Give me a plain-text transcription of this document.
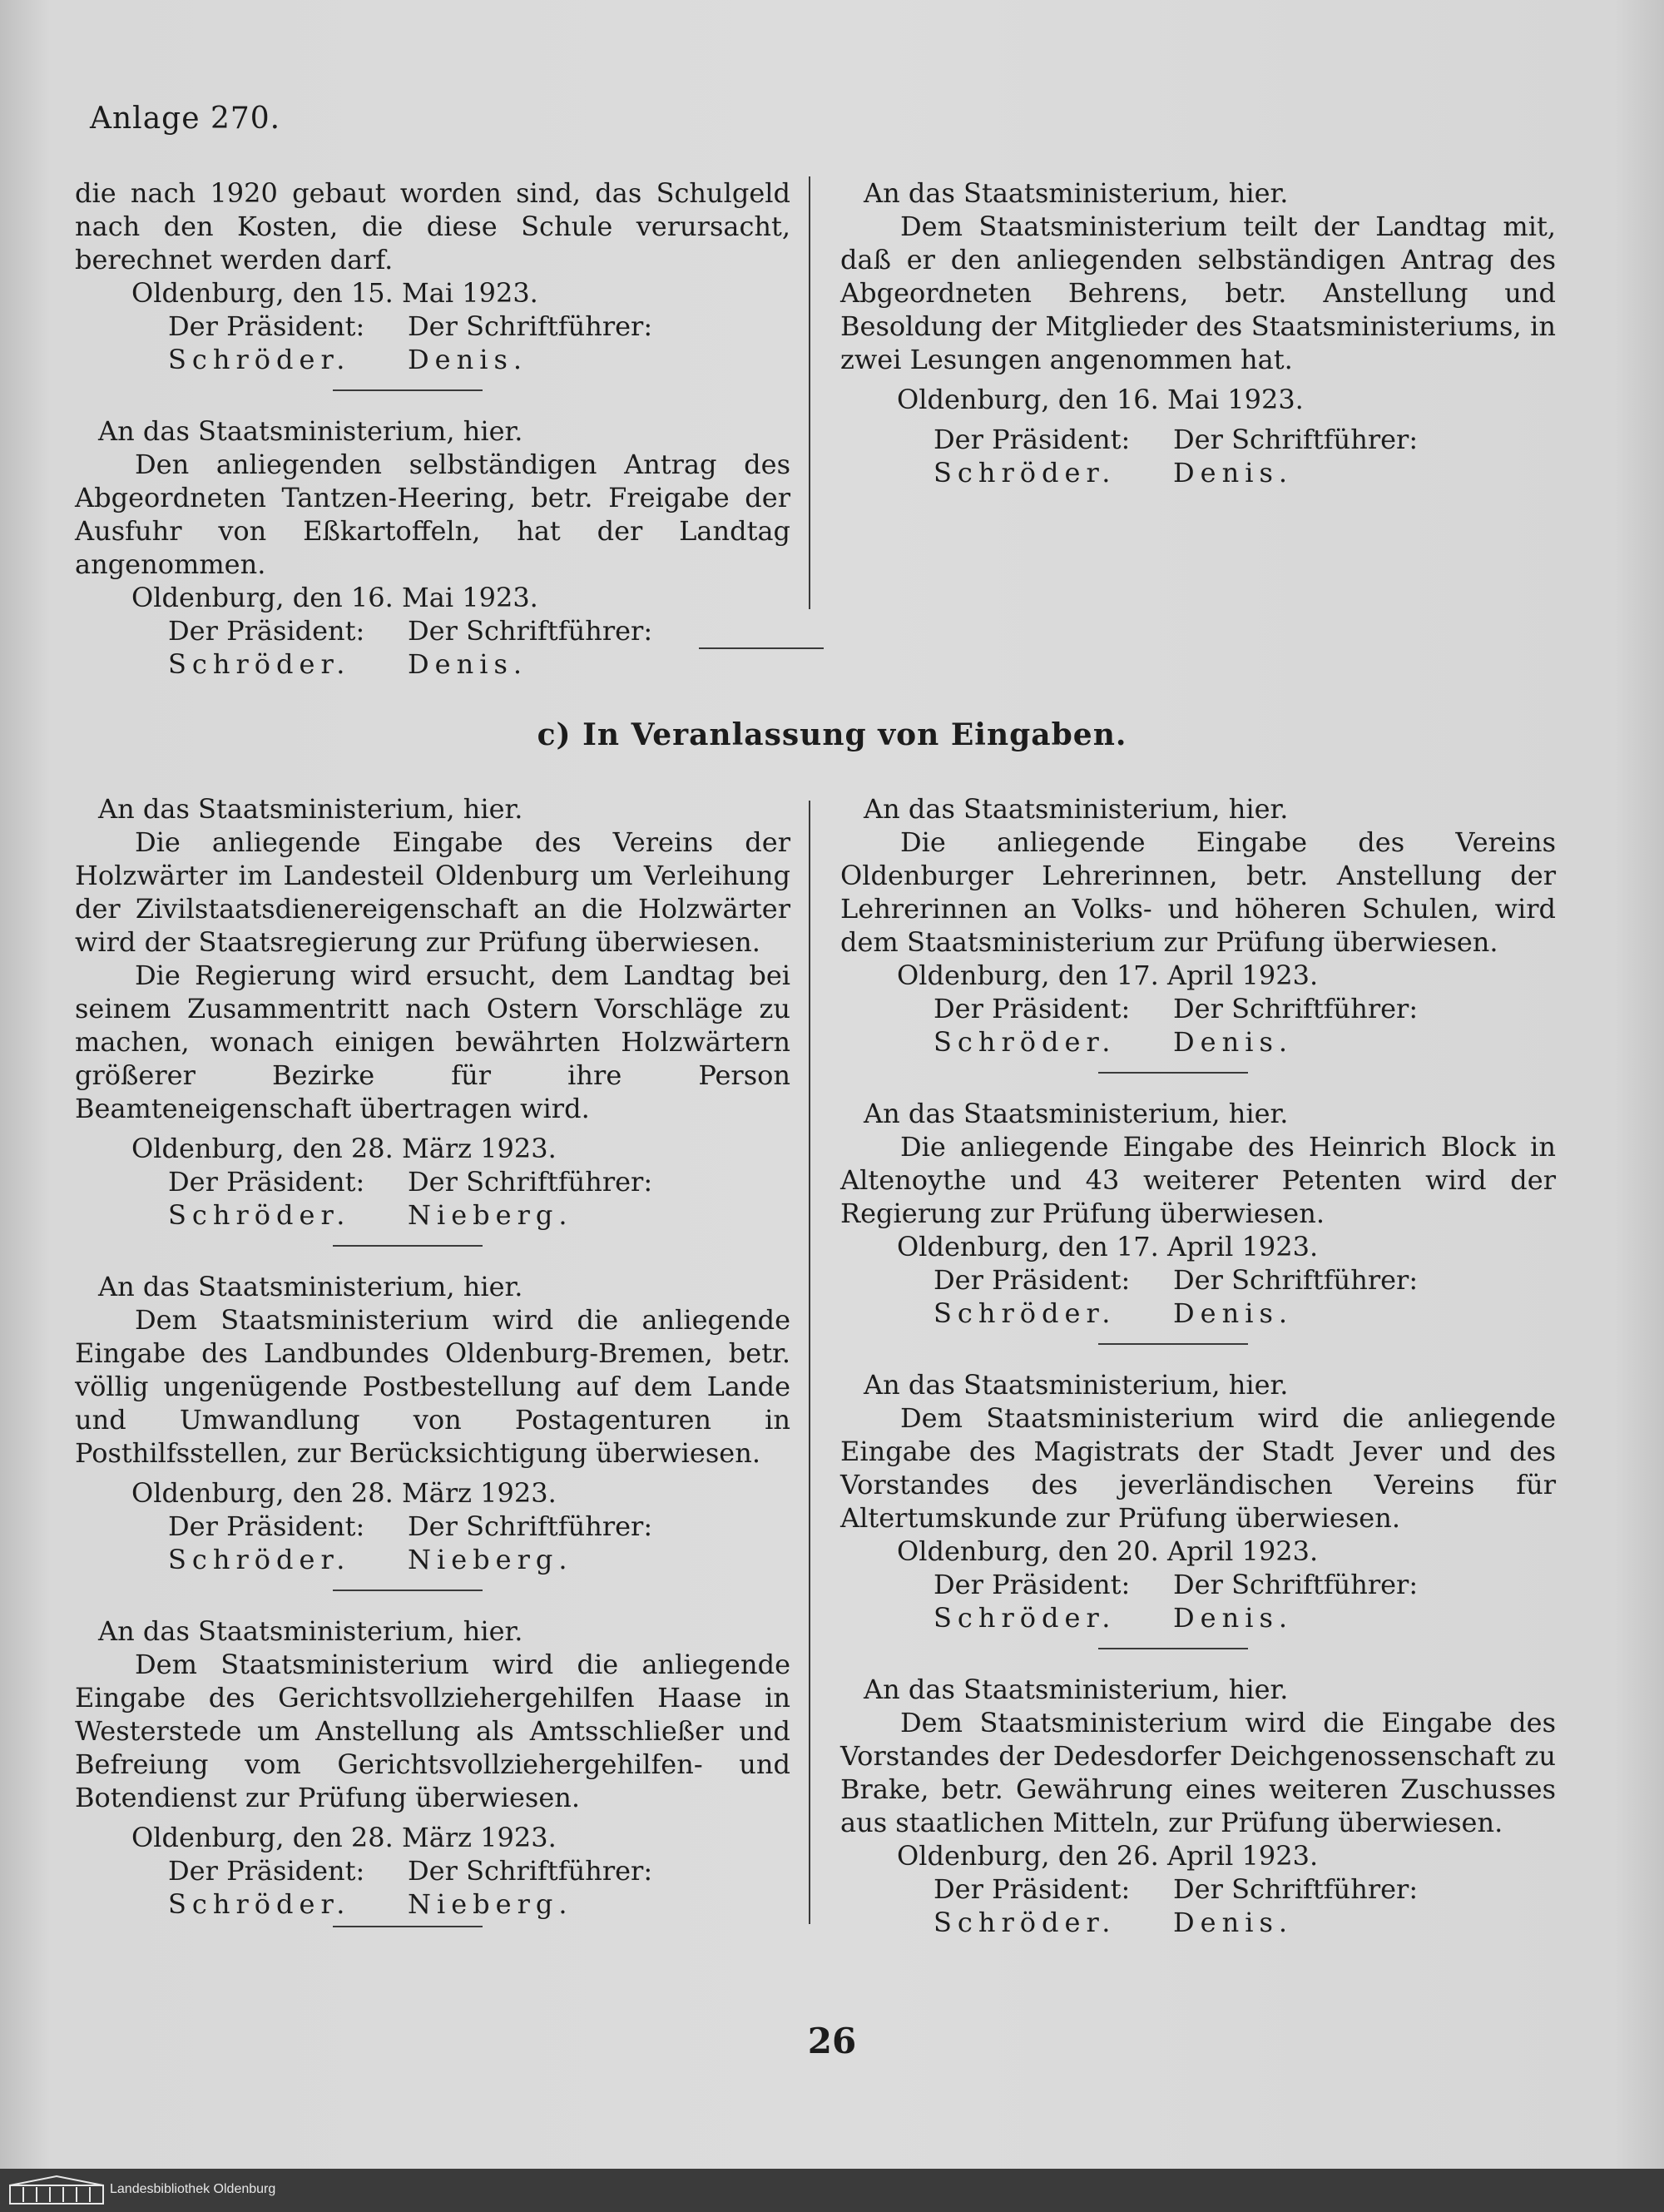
Anlage 270.

die nach 1920 gebaut worden sind, das Schulgeld nach den Kosten, die diese Schule verursacht, berechnet werden darf.

Oldenburg, den 15. Mai 1923.

Der Präsident:	Der Schriftführer:
Schröder.	Denis.

An das Staatsministerium, hier.

Den anliegenden selbständigen Antrag des Abgeordneten Tantzen-Heering, betr. Freigabe der Ausfuhr von Eßkartoffeln, hat der Landtag angenommen.

Oldenburg, den 16. Mai 1923.

Der Präsident:	Der Schriftführer:
Schröder.	Denis.

An das Staatsministerium, hier.

Dem Staatsministerium teilt der Landtag mit, daß er den anliegenden selbständigen Antrag des Abgeordneten Behrens, betr. Anstellung und Besoldung der Mitglieder des Staatsministeriums, in zwei Lesungen angenommen hat.

Oldenburg, den 16. Mai 1923.

Der Präsident:	Der Schriftführer:
Schröder.	Denis.
c) In Veranlassung von Eingaben.

An das Staatsministerium, hier.

Die anliegende Eingabe des Vereins der Holzwärter im Landesteil Oldenburg um Verleihung der Zivilstaatsdienereigenschaft an die Holzwärter wird der Staatsregierung zur Prüfung überwiesen.

Die Regierung wird ersucht, dem Landtag bei seinem Zusammentritt nach Ostern Vorschläge zu machen, wonach einigen bewährten Holzwärtern größerer Bezirke für ihre Person Beamteneigenschaft übertragen wird.

Oldenburg, den 28. März 1923.

Der Präsident:	Der Schriftführer:
Schröder.	Nieberg.

An das Staatsministerium, hier.

Dem Staatsministerium wird die anliegende Eingabe des Landbundes Oldenburg-Bremen, betr. völlig ungenügende Postbestellung auf dem Lande und Umwandlung von Postagenturen in Posthilfsstellen, zur Berücksichtigung überwiesen.

Oldenburg, den 28. März 1923.

Der Präsident:	Der Schriftführer:
Schröder.	Nieberg.

An das Staatsministerium, hier.

Dem Staatsministerium wird die anliegende Eingabe des Gerichtsvollziehergehilfen Haase in Westerstede um Anstellung als Amtsschließer und Befreiung vom Gerichtsvollziehergehilfen- und Botendienst zur Prüfung überwiesen.

Oldenburg, den 28. März 1923.

Der Präsident:	Der Schriftführer:
Schröder.	Nieberg.

An das Staatsministerium, hier.

Die anliegende Eingabe des Vereins Oldenburger Lehrerinnen, betr. Anstellung der Lehrerinnen an Volks- und höheren Schulen, wird dem Staatsministerium zur Prüfung überwiesen.

Oldenburg, den 17. April 1923.

Der Präsident:	Der Schriftführer:
Schröder.	Denis.

An das Staatsministerium, hier.

Die anliegende Eingabe des Heinrich Block in Altenoythe und 43 weiterer Petenten wird der Regierung zur Prüfung überwiesen.

Oldenburg, den 17. April 1923.

Der Präsident:	Der Schriftführer:
Schröder.	Denis.

An das Staatsministerium, hier.

Dem Staatsministerium wird die anliegende Eingabe des Magistrats der Stadt Jever und des Vorstandes des jeverländischen Vereins für Altertumskunde zur Prüfung überwiesen.

Oldenburg, den 20. April 1923.

Der Präsident:	Der Schriftführer:
Schröder.	Denis.

An das Staatsministerium, hier.

Dem Staatsministerium wird die Eingabe des Vorstandes der Dedesdorfer Deichgenossenschaft zu Brake, betr. Gewährung eines weiteren Zuschusses aus staatlichen Mitteln, zur Prüfung überwiesen.

Oldenburg, den 26. April 1923.

Der Präsident:	Der Schriftführer:
Schröder.	Denis.
26
Landesbibliothek Oldenburg
